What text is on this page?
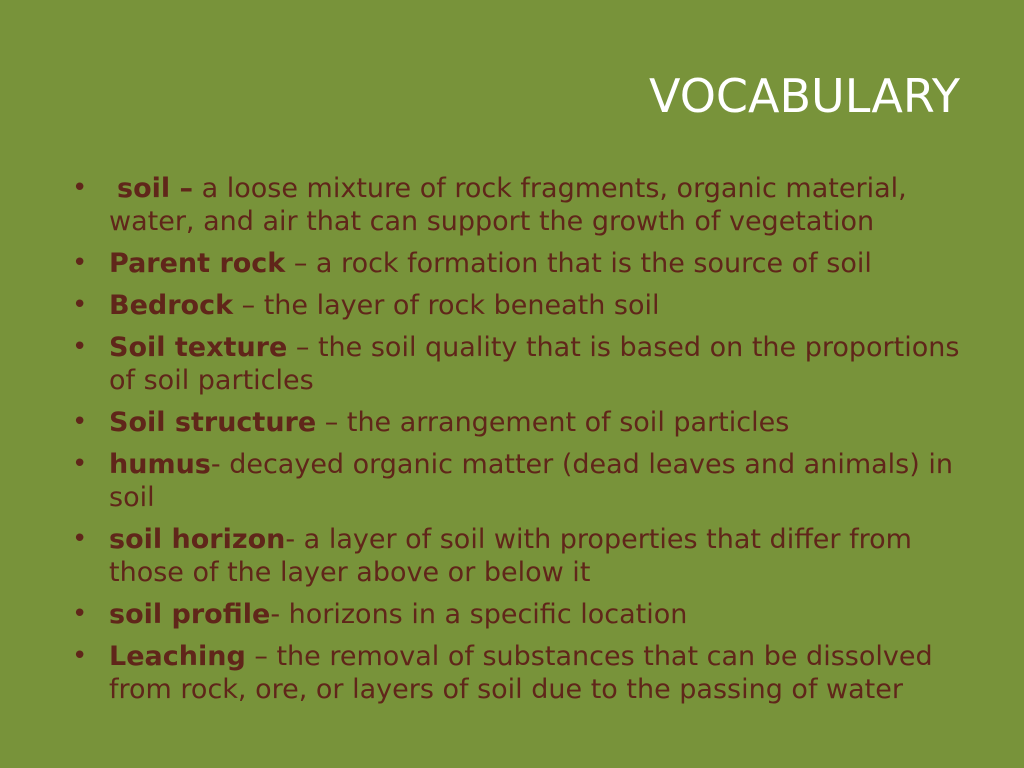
VOCABULARY
• soil – a loose mixture of rock fragments, organic material, water, and air that can support the growth of vegetation
• Parent rock – a rock formation that is the source of soil
• Bedrock – the layer of rock beneath soil
• Soil texture – the soil quality that is based on the proportions of soil particles
• Soil structure – the arrangement of soil particles
• humus- decayed organic matter (dead leaves and animals) in soil
• soil horizon- a layer of soil with properties that differ from those of the layer above or below it
• soil profile- horizons in a specific location
• Leaching – the removal of substances that can be dissolved from rock, ore, or layers of soil due to the passing of water
